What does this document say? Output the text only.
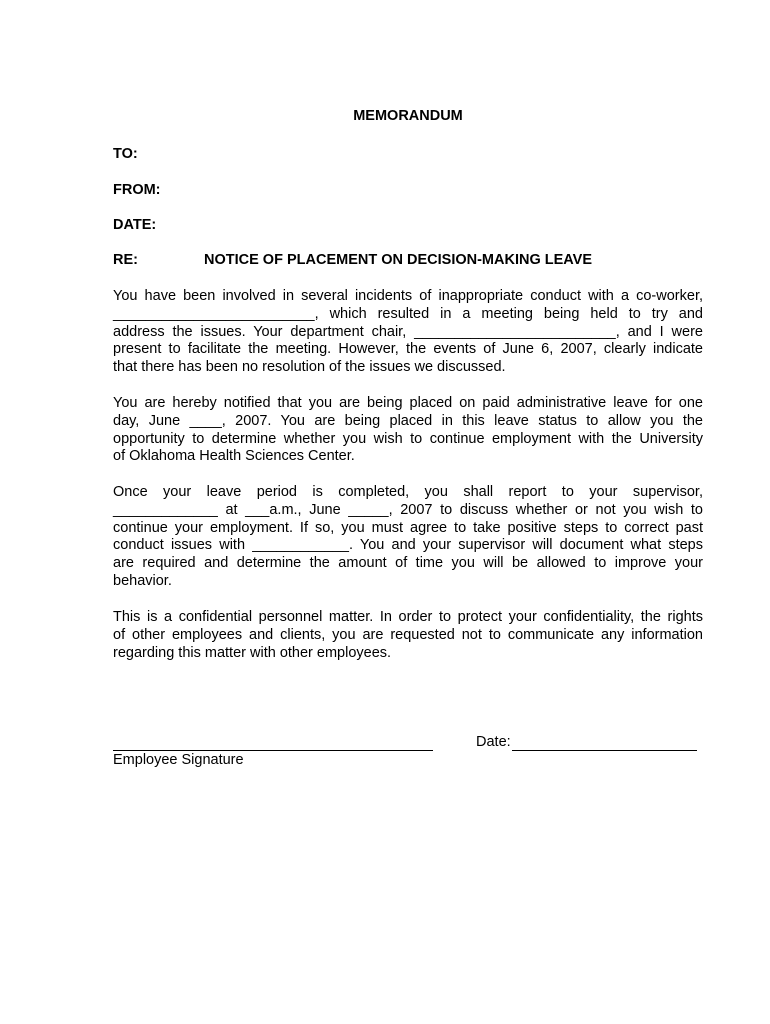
MEMORANDUM
TO:
FROM:
DATE:
RE:	NOTICE OF PLACEMENT ON DECISION-MAKING LEAVE
You have been involved in several incidents of inappropriate conduct with a co-worker,
_________________________, which resulted in a meeting being held to try and
address the issues. Your department chair, _________________________, and I were
present to facilitate the meeting. However, the events of June 6, 2007, clearly indicate
that there has been no resolution of the issues we discussed.
You are hereby notified that you are being placed on paid administrative leave for one
day, June ____, 2007. You are being placed in this leave status to allow you the
opportunity to determine whether you wish to continue employment with the University
of Oklahoma Health Sciences Center.
Once your leave period is completed, you shall report to your supervisor,
_____________ at ___a.m., June _____, 2007 to discuss whether or not you wish to
continue your employment. If so, you must agree to take positive steps to correct past
conduct issues with ____________. You and your supervisor will document what steps
are required and determine the amount of time you will be allowed to improve your
behavior.
This is a confidential personnel matter. In order to protect your confidentiality, the rights
of other employees and clients, you are requested not to communicate any information
regarding this matter with other employees.
Employee Signature
Date:
